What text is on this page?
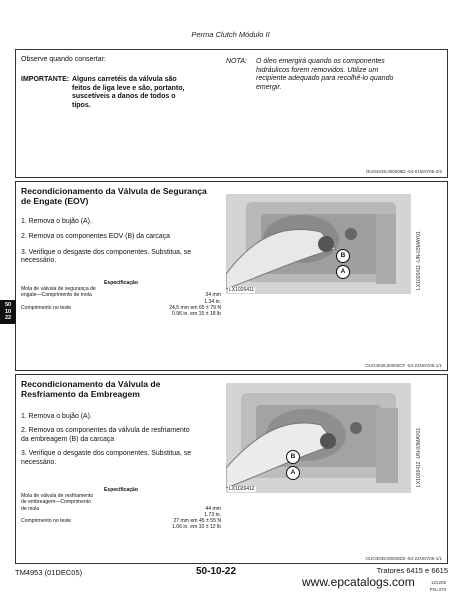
Perma Clutch Módulo II
Observe quando consertar:
IMPORTANTE: Alguns carretéis da válvula são
feitos de liga leve e são, portanto,
suscetíveis a danos de todos o
tipos.
NOTA: O óleo emergirá quando os componentes
hidráulicos forem removidos. Utilize um
recipiente adequado para recolhê-lo quando
emergir.
OUO4039,000008D -54-01MAY05-2/2
Recondicionamento da Válvula de Segurança
de Engate (EOV)
1. Remova o bujão (A).
2. Remova os componentes EOV (B) da carcaça
3. Verifique o desgaste dos componentes. Substitua, se
necessário.
Especificação
Mola de válvula de segurança de
engate—Comprimento de mola	34 mm
1.34 in.
Comprimento no teste	24,5 mm em 65 ± 79 N
0.96 in. em 15 ± 18 lb
B
A
LX1026411	LX1026411 -UN-03MAY01
OUO4039,00000CF -54-22NOV05-1/1
50
10
22
Recondicionamento da Válvula de
Resfriamento da Embreagem
1. Remova o bujão (A).
2. Remova os componentes da válvula de resfriamento
da embreagem (B) da carcaça
3. Verifique o desgaste dos componentes. Substitua, se
necessário.
Especificação
Mola de válvula de resfriamento
de embreagem—Comprimento
de mola	44 mm
1.73 in.
Comprimento no teste	27 mm em 45 ± 55 N
1.06 in. em 10 ± 12 lb
B
A
LX1026412
LX1026412 -UN-03MAY01
OUO4039,00000D0 -54-22NOV05-1/1
TM4953 (01DEC05)	50-10-22	Tratores 6415 e 6615
www.epcatalogs.com	121205
PN=370
